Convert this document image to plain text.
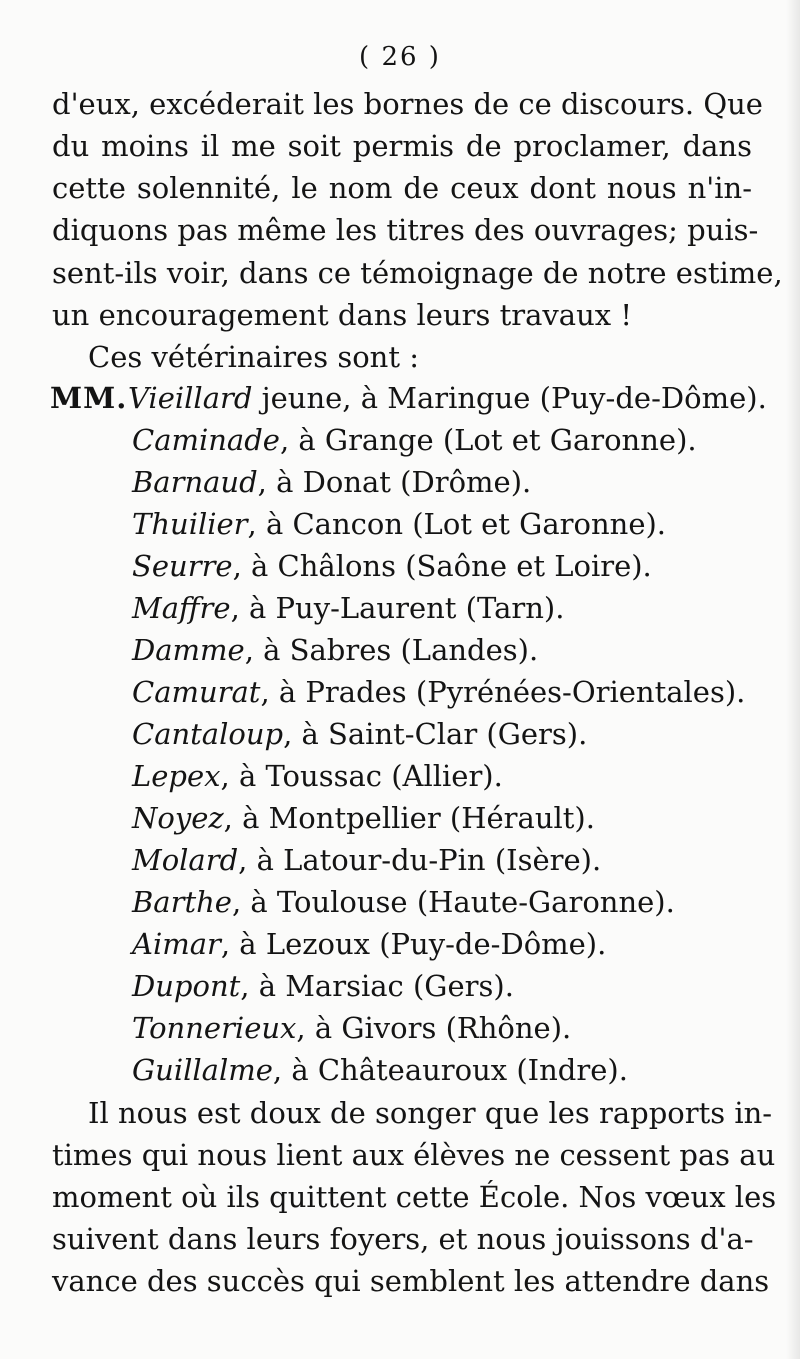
( 26 )
d'eux, excéderait les bornes de ce discours. Que
du moins il me soit permis de proclamer, dans
cette solennité, le nom de ceux dont nous n'in-
diquons pas même les titres des ouvrages; puis-
sent-ils voir, dans ce témoignage de notre estime,
un encouragement dans leurs travaux !
Ces vétérinaires sont :
MM. Vieillard jeune, à Maringue (Puy-de-Dôme).
Caminade, à Grange (Lot et Garonne).
Barnaud, à Donat (Drôme).
Thuilier, à Cancon (Lot et Garonne).
Seurre, à Châlons (Saône et Loire).
Maffre, à Puy-Laurent (Tarn).
Damme, à Sabres (Landes).
Camurat, à Prades (Pyrénées-Orientales).
Cantaloup, à Saint-Clar (Gers).
Lepex, à Toussac (Allier).
Noyez, à Montpellier (Hérault).
Molard, à Latour-du-Pin (Isère).
Barthe, à Toulouse (Haute-Garonne).
Aimar, à Lezoux (Puy-de-Dôme).
Dupont, à Marsiac (Gers).
Tonnerieux, à Givors (Rhône).
Guillalme, à Châteauroux (Indre).
Il nous est doux de songer que les rapports in-
times qui nous lient aux élèves ne cessent pas au
moment où ils quittent cette École. Nos vœux les
suivent dans leurs foyers, et nous jouissons d'a-
vance des succès qui semblent les attendre dans
